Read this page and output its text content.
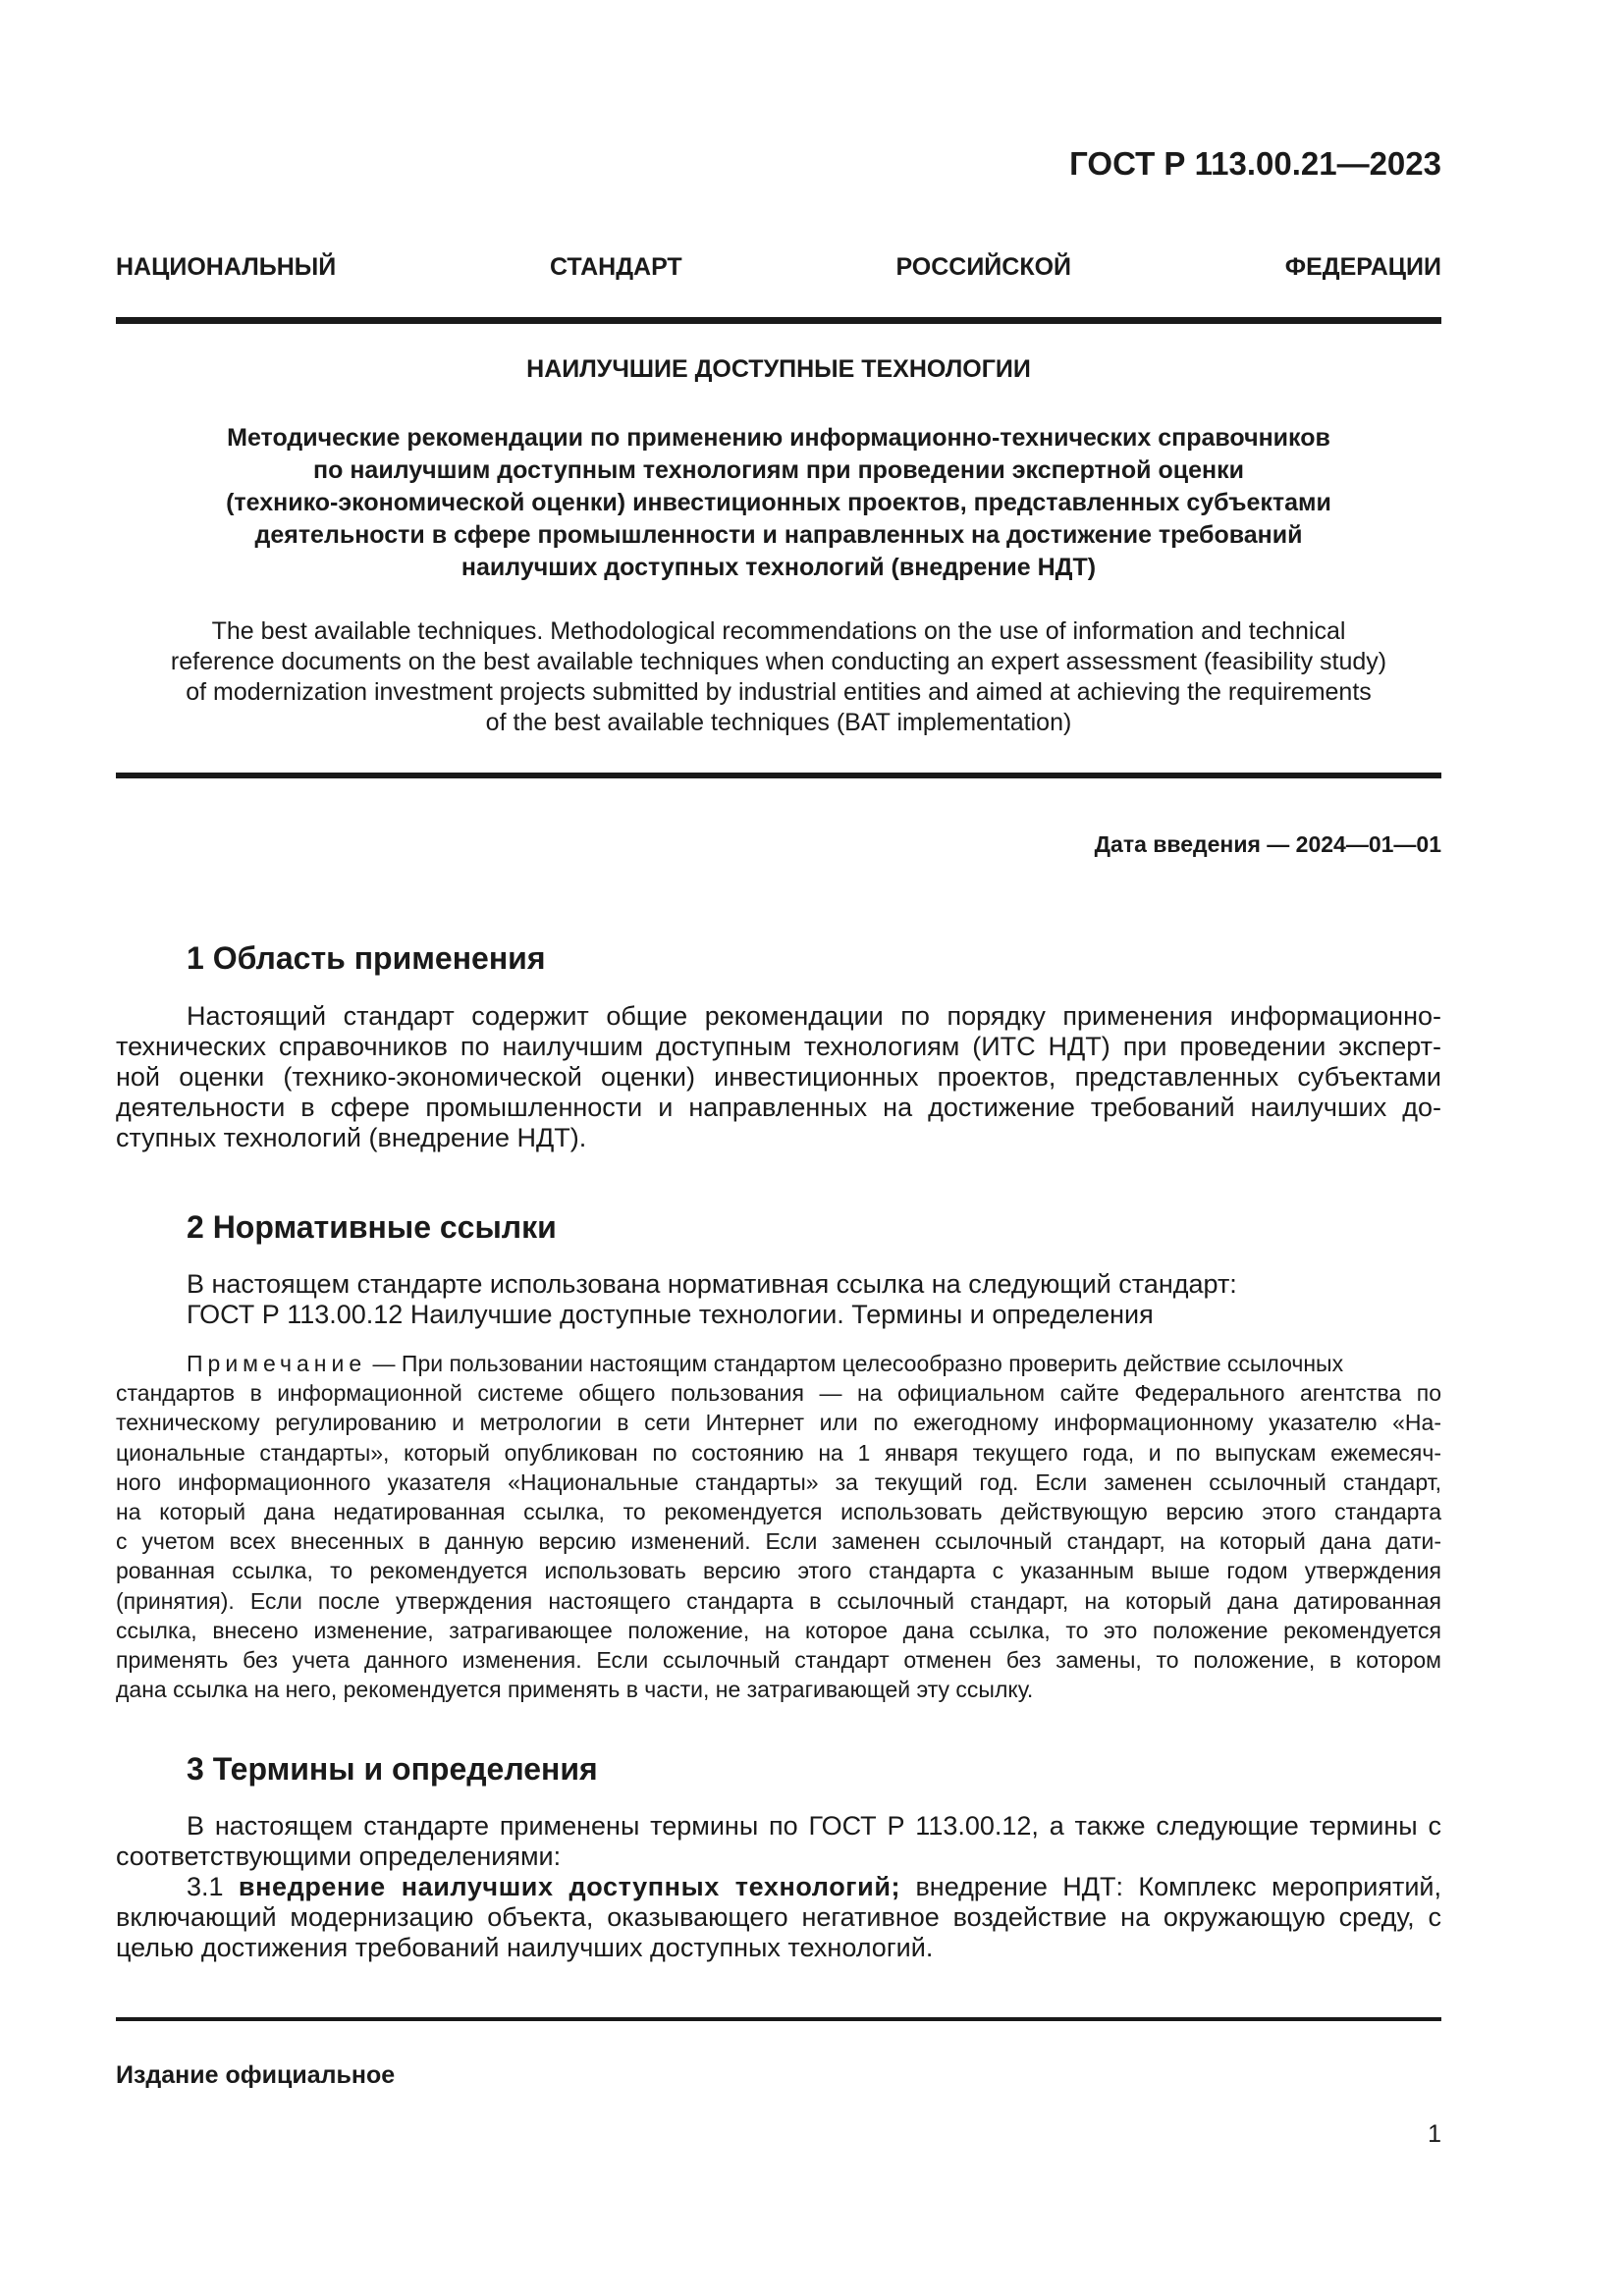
ГОСТ Р 113.00.21—2023
НАЦИОНАЛЬНЫЙ СТАНДАРТ РОССИЙСКОЙ ФЕДЕРАЦИИ
НАИЛУЧШИЕ ДОСТУПНЫЕ ТЕХНОЛОГИИ
Методические рекомендации по применению информационно-технических справочников
по наилучшим доступным технологиям при проведении экспертной оценки
(технико-экономической оценки) инвестиционных проектов, представленных субъектами
деятельности в сфере промышленности и направленных на достижение требований
наилучших доступных технологий (внедрение НДТ)
The best available techniques. Methodological recommendations on the use of information and technical
reference documents on the best available techniques when conducting an expert assessment (feasibility study)
of modernization investment projects submitted by industrial entities and aimed at achieving the requirements
of the best available techniques (BAT implementation)
Дата введения — 2024—01—01
1 Область применения
Настоящий стандарт содержит общие рекомендации по порядку применения информационно-
технических справочников по наилучшим доступным технологиям (ИТС НДТ) при проведении эксперт-
ной оценки (технико-экономической оценки) инвестиционных проектов, представленных субъектами
деятельности в сфере промышленности и направленных на достижение требований наилучших до-
ступных технологий (внедрение НДТ).
2 Нормативные ссылки
В настоящем стандарте использована нормативная ссылка на следующий стандарт:
ГОСТ Р 113.00.12 Наилучшие доступные технологии. Термины и определения
Примечание — При пользовании настоящим стандартом целесообразно проверить действие ссылочных
стандартов в информационной системе общего пользования — на официальном сайте Федерального агентства по
техническому регулированию и метрологии в сети Интернет или по ежегодному информационному указателю «На-
циональные стандарты», который опубликован по состоянию на 1 января текущего года, и по выпускам ежемесяч-
ного информационного указателя «Национальные стандарты» за текущий год. Если заменен ссылочный стандарт,
на который дана недатированная ссылка, то рекомендуется использовать действующую версию этого стандарта
с учетом всех внесенных в данную версию изменений. Если заменен ссылочный стандарт, на который дана дати-
рованная ссылка, то рекомендуется использовать версию этого стандарта с указанным выше годом утверждения
(принятия). Если после утверждения настоящего стандарта в ссылочный стандарт, на который дана датированная
ссылка, внесено изменение, затрагивающее положение, на которое дана ссылка, то это положение рекомендуется
применять без учета данного изменения. Если ссылочный стандарт отменен без замены, то положение, в котором
дана ссылка на него, рекомендуется применять в части, не затрагивающей эту ссылку.
3 Термины и определения
В настоящем стандарте применены термины по ГОСТ Р 113.00.12, а также следующие термины с
соответствующими определениями:
3.1 внедрение наилучших доступных технологий; внедрение НДТ: Комплекс мероприятий,
включающий модернизацию объекта, оказывающего негативное воздействие на окружающую среду, с
целью достижения требований наилучших доступных технологий.
Издание официальное
1
